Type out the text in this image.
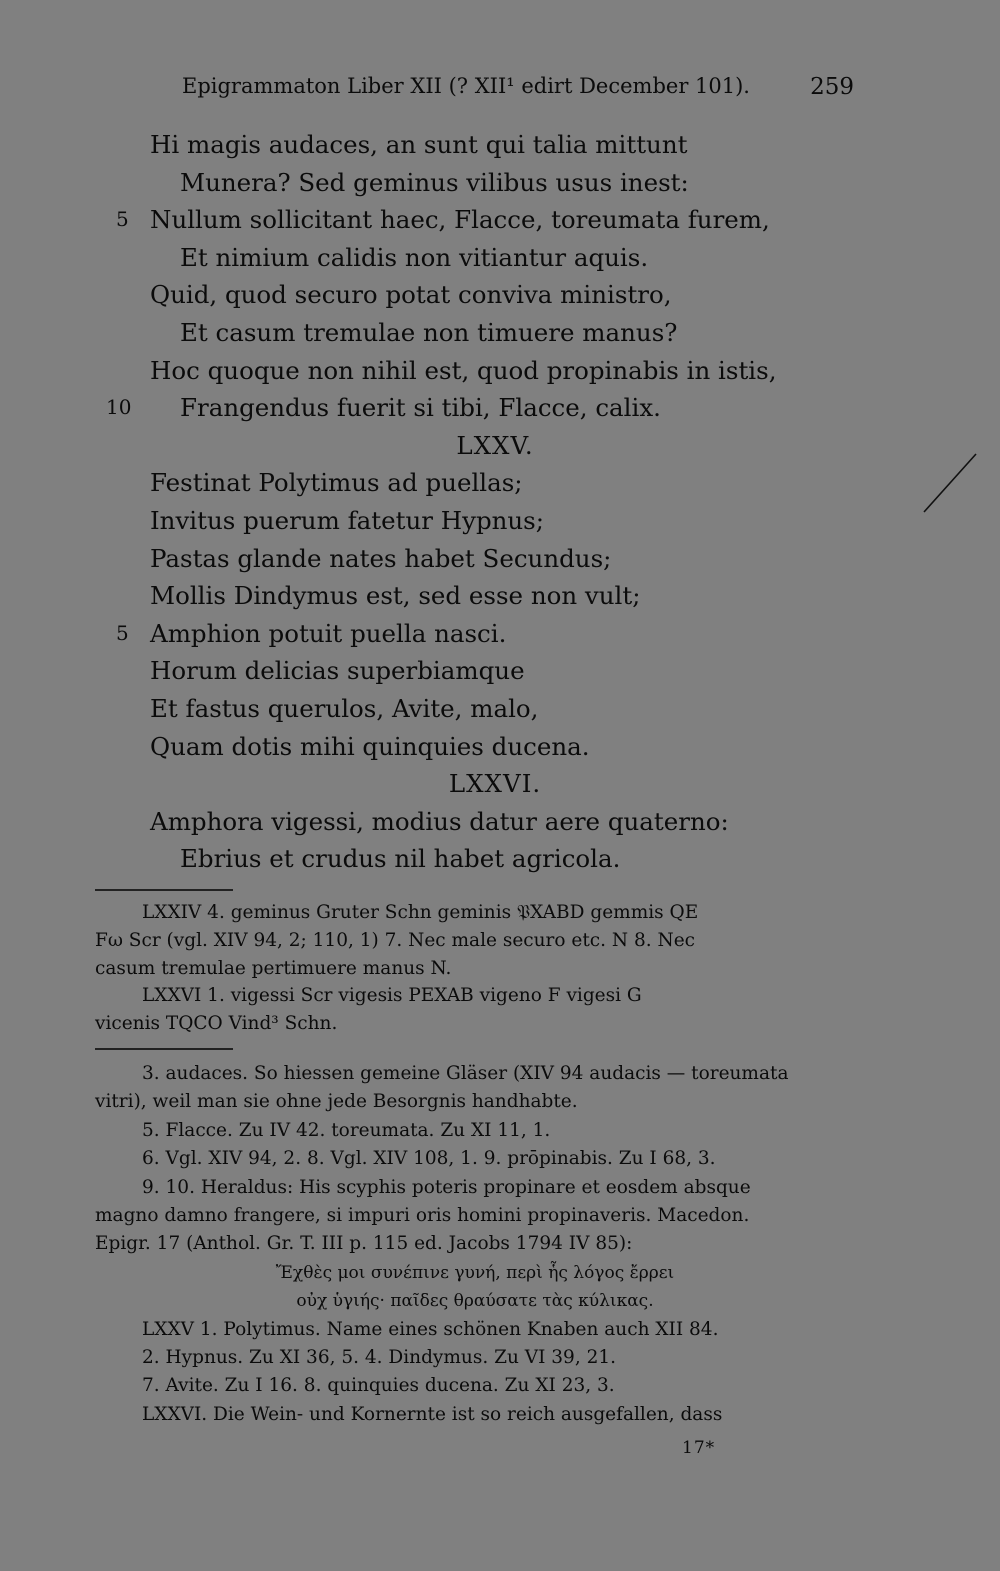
Epigrammaton Liber XII (? XII¹ edirt December 101).	259
Hi magis audaces, an sunt qui talia mittunt
Munera? Sed geminus vilibus usus inest:
5 Nullum sollicitant haec, Flacce, toreumata furem,
Et nimium calidis non vitiantur aquis.
Quid, quod securo potat conviva ministro,
Et casum tremulae non timuere manus?
Hoc quoque non nihil est, quod propinabis in istis,
10 Frangendus fuerit si tibi, Flacce, calix.
LXXV.
Festinat Polytimus ad puellas;
Invitus puerum fatetur Hypnus;
Pastas glande nates habet Secundus;
Mollis Dindymus est, sed esse non vult;
5 Amphion potuit puella nasci.
Horum delicias superbiamque
Et fastus querulos, Avite, malo,
Quam dotis mihi quinquies ducena.
LXXVI.
Amphora vigessi, modius datur aere quaterno:
Ebrius et crudus nil habet agricola.
LXXIV 4. geminus Gruter Schn geminis 𝔓XABD gemmis QE
Fω Scr (vgl. XIV 94, 2; 110, 1) 7. Nec male securo etc. N 8. Nec
casum tremulae pertimuere manus N.
LXXVI 1. vigessi Scr vigesis PEXAB vigeno F vigesi G
vicenis TQCO Vind³ Schn.
3. audaces. So hiessen gemeine Gläser (XIV 94 audacis — toreumata
vitri), weil man sie ohne jede Besorgnis handhabte.
5. Flacce. Zu IV 42. toreumata. Zu XI 11, 1.
6. Vgl. XIV 94, 2. 8. Vgl. XIV 108, 1. 9. prōpinabis. Zu I 68, 3.
9. 10. Heraldus: His scyphis poteris propinare et eosdem absque
magno damno frangere, si impuri oris homini propinaveris. Macedon.
Epigr. 17 (Anthol. Gr. T. III p. 115 ed. Jacobs 1794 IV 85):
Ἔχθὲς μοι συνέπινε γυνή, περὶ ἧς λόγος ἔρρει
οὐχ ὑγιής· παῖδες θραύσατε τὰς κύλικας.
LXXV 1. Polytimus. Name eines schönen Knaben auch XII 84.
2. Hypnus. Zu XI 36, 5. 4. Dindymus. Zu VI 39, 21.
7. Avite. Zu I 16. 8. quinquies ducena. Zu XI 23, 3.
LXXVI. Die Wein- und Kornernte ist so reich ausgefallen, dass
17*
